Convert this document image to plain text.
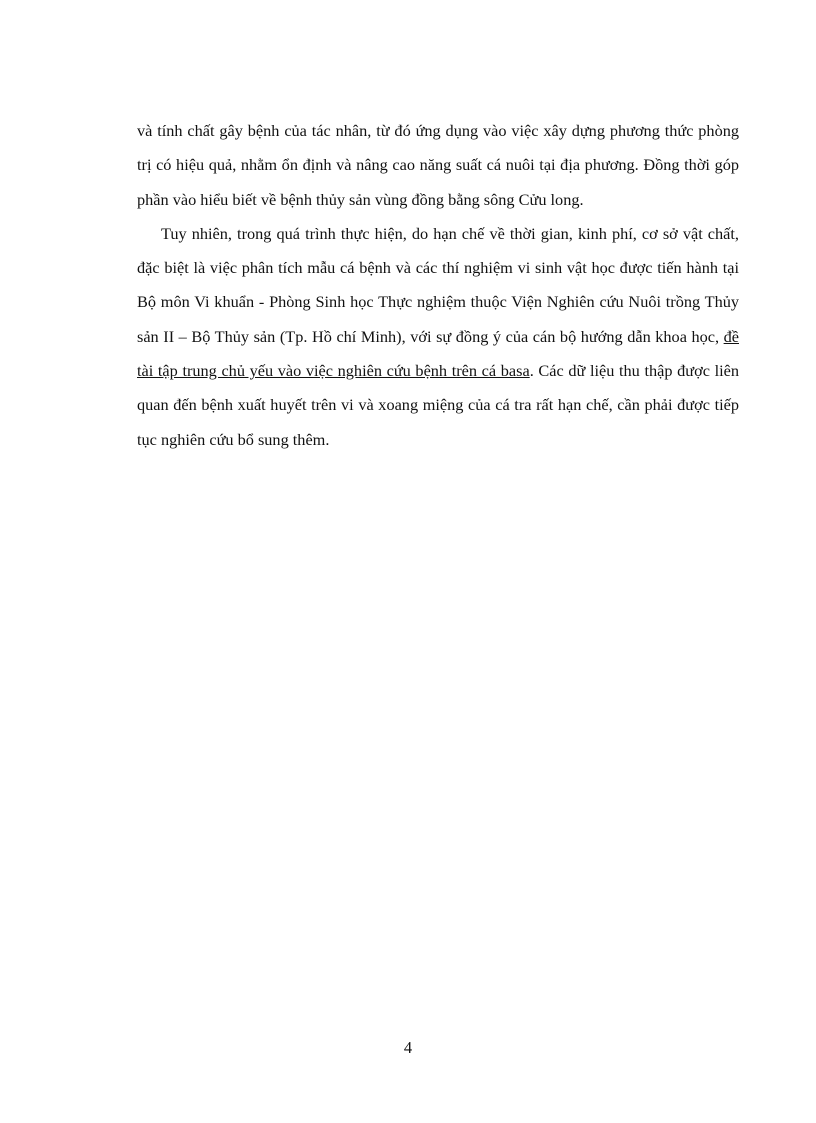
và tính chất gây bệnh của tác nhân, từ đó ứng dụng vào việc xây dựng phương thức phòng trị có hiệu quả, nhằm ổn định và nâng cao năng suất cá nuôi tại địa phương. Đồng thời góp phần vào hiểu biết về bệnh thủy sản vùng đồng bằng sông Cửu long.

Tuy nhiên, trong quá trình thực hiện, do hạn chế về thời gian, kinh phí, cơ sở vật chất, đặc biệt là việc phân tích mẫu cá bệnh và các thí nghiệm vi sinh vật học được tiến hành tại Bộ môn Vi khuẩn - Phòng Sinh học Thực nghiệm thuộc Viện Nghiên cứu Nuôi trồng Thủy sản II – Bộ Thủy sản (Tp. Hồ chí Minh), với sự đồng ý của cán bộ hướng dẫn khoa học, đề tài tập trung chủ yếu vào việc nghiên cứu bệnh trên cá basa. Các dữ liệu thu thập được liên quan đến bệnh xuất huyết trên vi và xoang miệng của cá tra rất hạn chế, cần phải được tiếp tục nghiên cứu bổ sung thêm.

4
